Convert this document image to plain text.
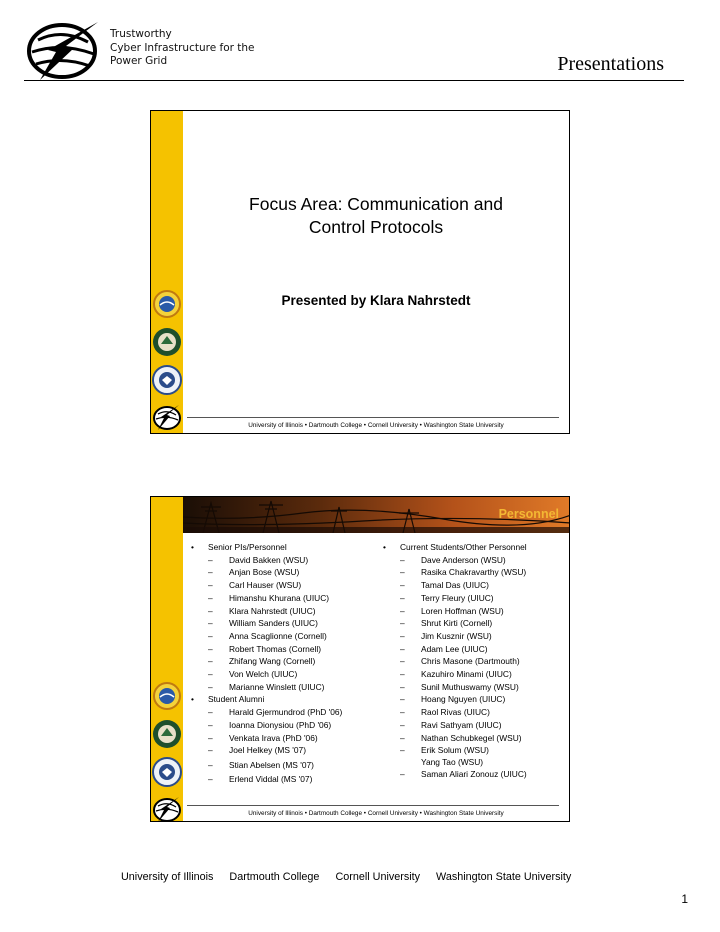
Trustworthy
Cyber Infrastructure for the
Power Grid	Presentations
Focus Area: Communication and
Control Protocols
Presented by Klara Nahrstedt
University of Illinois • Dartmouth College • Cornell University • Washington State University
Personnel
• Senior PIs/Personnel
– David Bakken (WSU)
– Anjan Bose (WSU)
– Carl Hauser (WSU)
– Himanshu Khurana (UIUC)
– Klara Nahrstedt (UIUC)
– William Sanders (UIUC)
– Anna Scaglionne (Cornell)
– Robert Thomas (Cornell)
– Zhifang Wang (Cornell)
– Von Welch (UIUC)
– Marianne Winslett (UIUC)
• Student Alumni
– Harald Gjermundrod (PhD '06)
– Ioanna Dionysiou (PhD '06)
– Venkata Irava (PhD '06)
– Joel Helkey (MS '07)
– Stian Abelsen (MS '07)
– Erlend Viddal (MS '07)
• Current Students/Other Personnel
– Dave Anderson (WSU)
– Rasika Chakravarthy (WSU)
– Tamal Das (UIUC)
– Terry Fleury (UIUC)
– Loren Hoffman (WSU)
– Shrut Kirti (Cornell)
– Jim Kusznir (WSU)
– Adam Lee (UIUC)
– Chris Masone (Dartmouth)
– Kazuhiro Minami (UIUC)
– Sunil Muthuswamy (WSU)
– Hoang Nguyen (UIUC)
– Raol Rivas (UIUC)
– Ravi Sathyam (UIUC)
– Nathan Schubkegel (WSU)
– Erik Solum (WSU)
Yang Tao (WSU)
– Saman Aliari Zonouz (UIUC)
University of Illinois • Dartmouth College • Cornell University • Washington State University
University of Illinois Dartmouth College Cornell University Washington State University
1
